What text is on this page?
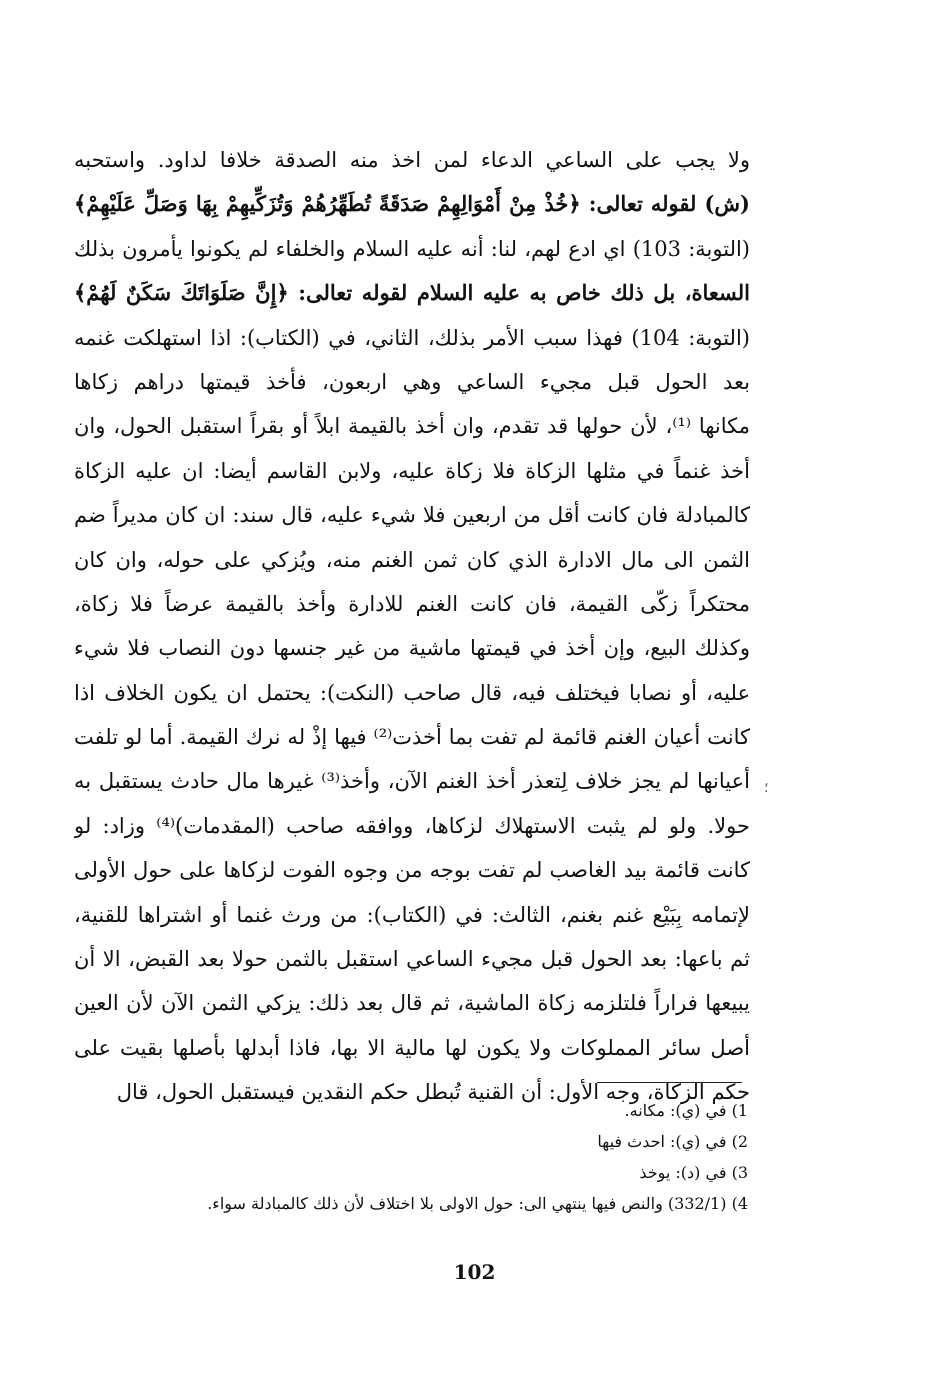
ولا يجب على الساعي الدعاء لمن اخذ منه الصدقة خلافا لداود. واستحبه
(ش) لقوله تعالى: ﴿خُذْ مِنْ أَمْوَالِهِمْ صَدَقَةً تُطَهِّرُهُمْ وَتُزَكِّيهِمْ بِهَا وَصَلِّ عَلَيْهِمْ﴾
(التوبة: 103) اي ادع لهم، لنا: أنه عليه السلام والخلفاء لم يكونوا يأمرون بذلك
السعاة، بل ذلك خاص به عليه السلام لقوله تعالى: ﴿إِنَّ صَلَوَاتَكَ سَكَنٌ لَهُمْ﴾
(التوبة: 104) فهذا سبب الأمر بذلك، الثاني، في (الكتاب): اذا استهلكت غنمه
بعد الحول قبل مجيء الساعي وهي اربعون، فأخذ قيمتها دراهم زكاها
مكانها ⁽¹⁾، لأن حولها قد تقدم، وان أخذ بالقيمة ابلاً أو بقراً استقبل الحول، وان
أخذ غنماً في مثلها الزكاة فلا زكاة عليه، ولابن القاسم أيضا: ان عليه الزكاة
كالمبادلة فان كانت أقل من اربعين فلا شيء عليه، قال سند: ان كان مديراً ضم
الثمن الى مال الادارة الذي كان ثمن الغنم منه، ويُزكي على حوله، وان كان
محتكراً زكّى القيمة، فان كانت الغنم للادارة وأخذ بالقيمة عرضاً فلا زكاة،
وكذلك البيع، وإن أخذ في قيمتها ماشية من غير جنسها دون النصاب فلا شيء
عليه، أو نصابا فيختلف فيه، قال صاحب (النكت): يحتمل ان يكون الخلاف اذا
كانت أعيان الغنم قائمة لم تفت بما أخذت⁽²⁾ فيها إذْ له نرك القيمة. أما لو تلفت
أعيانها لم يجز خلاف لِتعذر أخذ الغنم الآن، وأخذ⁽³⁾ غيرها مال حادث يستقبل به
حولا. ولو لم يثبت الاستهلاك لزكاها، ووافقه صاحب (المقدمات)⁽⁴⁾ وزاد: لو
كانت قائمة بيد الغاصب لم تفت بوجه من وجوه الفوت لزكاها على حول الأولى
لإتمامه بِبَيْع غنم بغنم، الثالث: في (الكتاب): من ورث غنما أو اشتراها للقنية،
ثم باعها: بعد الحول قبل مجيء الساعي استقبل بالثمن حولا بعد القبض، الا أن
يبيعها فراراً فلتلزمه زكاة الماشية، ثم قال بعد ذلك: يزكي الثمن الآن لأن العين
أصل سائر المملوكات ولا يكون لها مالية الا بها، فاذا أبدلها بأصلها بقيت على
حكم الزكاة، وجه الأول: أن القنية تُبطل حكم النقدين فيستقبل الحول، قال
؛
1) في (ي): مكانه.
2) في (ي): احدث فيها
3) في (د): يوخذ
4) (332/1) والنص فيها ينتهي الى: حول الاولى بلا اختلاف لأن ذلك كالمبادلة سواء.
102
